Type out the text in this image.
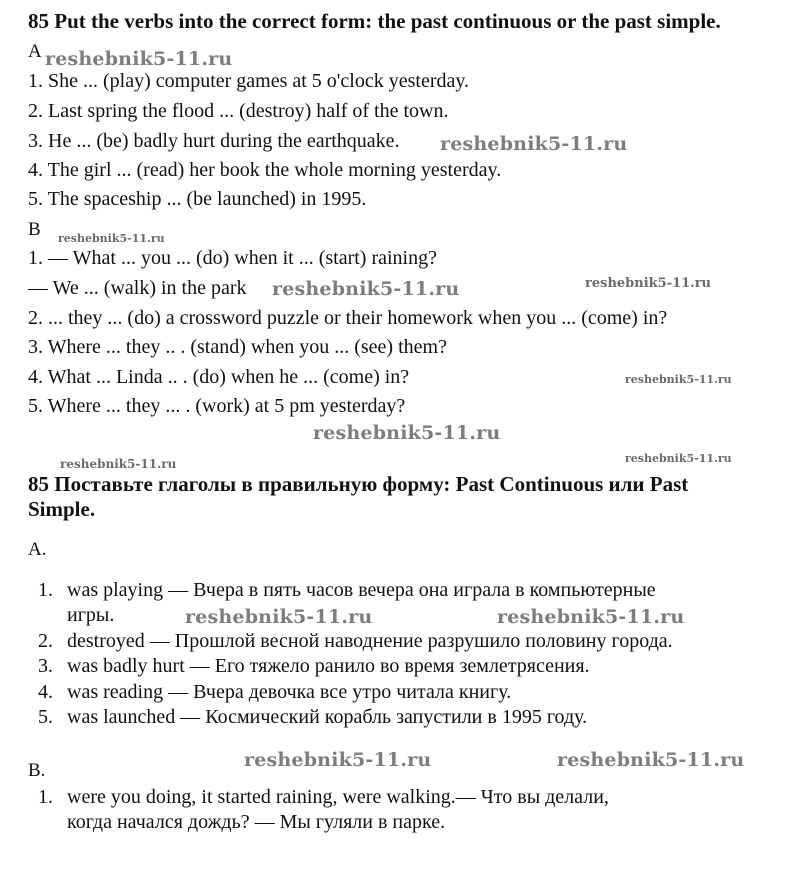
85 Put the verbs into the correct form: the past continuous or the past simple.
A
1. She ... (play) computer games at 5 o'clock yesterday.
2. Last spring the flood ... (destroy) half of the town.
3. He ... (be) badly hurt during the earthquake.
4. The girl ... (read) her book the whole morning yesterday.
5. The spaceship ... (be launched) in 1995.
B
1. — What ... you ... (do) when it ... (start) raining?
— We ... (walk) in the park
2. ... they ... (do) a crossword puzzle or their homework when you ... (come) in?
3. Where ... they .. . (stand) when you ... (see) them?
4. What ... Linda .. . (do) when he ... (come) in?
5. Where ... they ... . (work) at 5 pm yesterday?
85 Поставьте глаголы в правильную форму: Past Continuous или Past
Simple.
A.
1. was playing — Вчера в пять часов вечера она играла в компьютерные
игры.
2. destroyed — Прошлой весной наводнение разрушило половину города.
3. was badly hurt — Его тяжело ранило во время землетрясения.
4. was reading — Вчера девочка все утро читала книгу.
5. was launched — Космический корабль запустили в 1995 году.
B.
1. were you doing, it started raining, were walking.— Что вы делали,
когда начался дождь? — Мы гуляли в парке.
reshebnik5-11.ru
reshebnik5-11.ru
reshebnik5-11.ru
reshebnik5-11.ru	reshebnik5-11.ru
reshebnik5-11.ru
reshebnik5-11.ru
reshebnik5-11.ru	reshebnik5-11.ru
reshebnik5-11.ru	reshebnik5-11.ru
reshebnik5-11.ru	reshebnik5-11.ru
